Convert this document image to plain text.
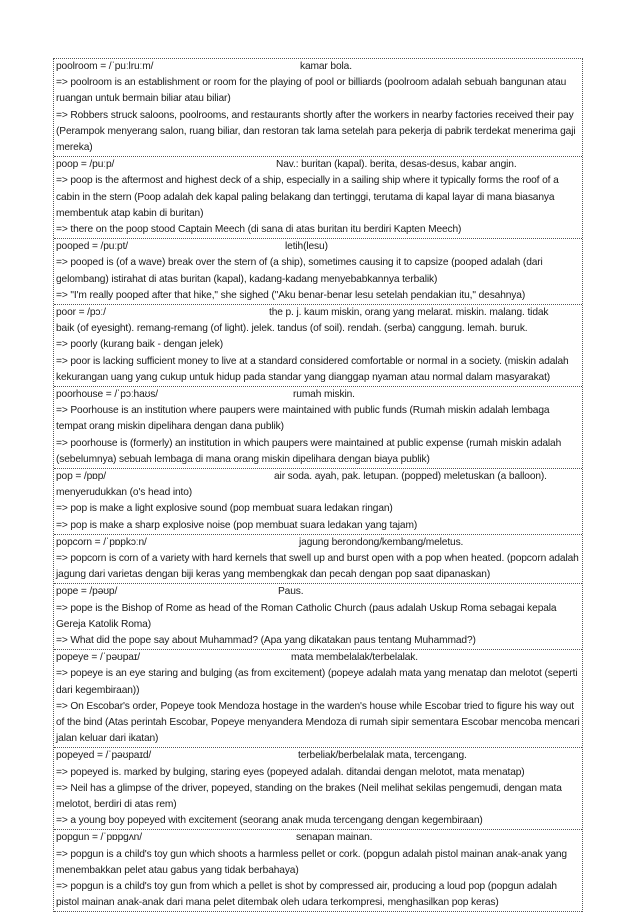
poolroom = /ˈpuːlruːm/	kamar bola.
=> poolroom is an establishment or room for the playing of pool or billiards (poolroom adalah sebuah bangunan atau ruangan untuk bermain biliar atau biliar)
=> Robbers struck saloons, poolrooms, and restaurants shortly after the workers in nearby factories received their pay (Perampok menyerang salon, ruang biliar, dan restoran tak lama setelah para pekerja di pabrik terdekat menerima gaji mereka)
poop = /puːp/	Nav.: buritan (kapal). berita, desas-desus, kabar angin.
=> poop is the aftermost and highest deck of a ship, especially in a sailing ship where it typically forms the roof of a cabin in the stern (Poop adalah dek kapal paling belakang dan tertinggi, terutama di kapal layar di mana biasanya membentuk atap kabin di buritan)
=> there on the poop stood Captain Meech (di sana di atas buritan itu berdiri Kapten Meech)
pooped = /puːpt/	letih(lesu)
=> pooped is (of a wave) break over the stern of (a ship), sometimes causing it to capsize (pooped adalah (dari gelombang) istirahat di atas buritan (kapal), kadang-kadang menyebabkannya terbalik)
=> "I'm really pooped after that hike," she sighed ("Aku benar-benar lesu setelah pendakian itu," desahnya)
poor = /pɔː/	the p. j. kaum miskin, orang yang melarat. miskin. malang. tidak
baik (of eyesight). remang-remang (of light). jelek. tandus (of soil). rendah. (serba) canggung. lemah. buruk.
=> poorly (kurang baik - dengan jelek)
=> poor is lacking sufficient money to live at a standard considered comfortable or normal in a society. (miskin adalah kekurangan uang yang cukup untuk hidup pada standar yang dianggap nyaman atau normal dalam masyarakat)
poorhouse = /ˈpɔːhaʊs/	rumah miskin.
=> Poorhouse is an institution where paupers were maintained with public funds (Rumah miskin adalah lembaga tempat orang miskin dipelihara dengan dana publik)
=> poorhouse is (formerly) an institution in which paupers were maintained at public expense (rumah miskin adalah (sebelumnya) sebuah lembaga di mana orang miskin dipelihara dengan biaya publik)
pop = /pɒp/	air soda. ayah, pak. letupan. (popped) meletuskan (a balloon).
menyerudukkan (o's head into)
=> pop is make a light explosive sound (pop membuat suara ledakan ringan)
=> pop is make a sharp explosive noise (pop membuat suara ledakan yang tajam)
popcorn = /ˈpɒpkɔːn/	jagung berondong/kembang/meletus.
=> popcorn is corn of a variety with hard kernels that swell up and burst open with a pop when heated. (popcorn adalah jagung dari varietas dengan biji keras yang membengkak dan pecah dengan pop saat dipanaskan)
pope = /pəʊp/	Paus.
=> pope is the Bishop of Rome as head of the Roman Catholic Church (paus adalah Uskup Roma sebagai kepala Gereja Katolik Roma)
=> What did the pope say about Muhammad? (Apa yang dikatakan paus tentang Muhammad?)
popeye = /ˈpəʊpaɪ/	mata membelalak/terbelalak.
=> popeye is an eye staring and bulging (as from excitement) (popeye adalah mata yang menatap dan melotot (seperti dari kegembiraan))
=> On Escobar's order, Popeye took Mendoza hostage in the warden's house while Escobar tried to figure his way out of the bind (Atas perintah Escobar, Popeye menyandera Mendoza di rumah sipir sementara Escobar mencoba mencari jalan keluar dari ikatan)
popeyed = /ˈpəʊpaɪd/	terbeliak/berbelalak mata, tercengang.
=> popeyed is. marked by bulging, staring eyes (popeyed adalah. ditandai dengan melotot, mata menatap)
=> Neil has a glimpse of the driver, popeyed, standing on the brakes (Neil melihat sekilas pengemudi, dengan mata melotot, berdiri di atas rem)
=> a young boy popeyed with excitement (seorang anak muda tercengang dengan kegembiraan)
popgun = /ˈpɒpɡʌn/	senapan mainan.
=> popgun is a child's toy gun which shoots a harmless pellet or cork. (popgun adalah pistol mainan anak-anak yang menembakkan pelet atau gabus yang tidak berbahaya)
=> popgun is a child's toy gun from which a pellet is shot by compressed air, producing a loud pop (popgun adalah pistol mainan anak-anak dari mana pelet ditembak oleh udara terkompresi, menghasilkan pop keras)
